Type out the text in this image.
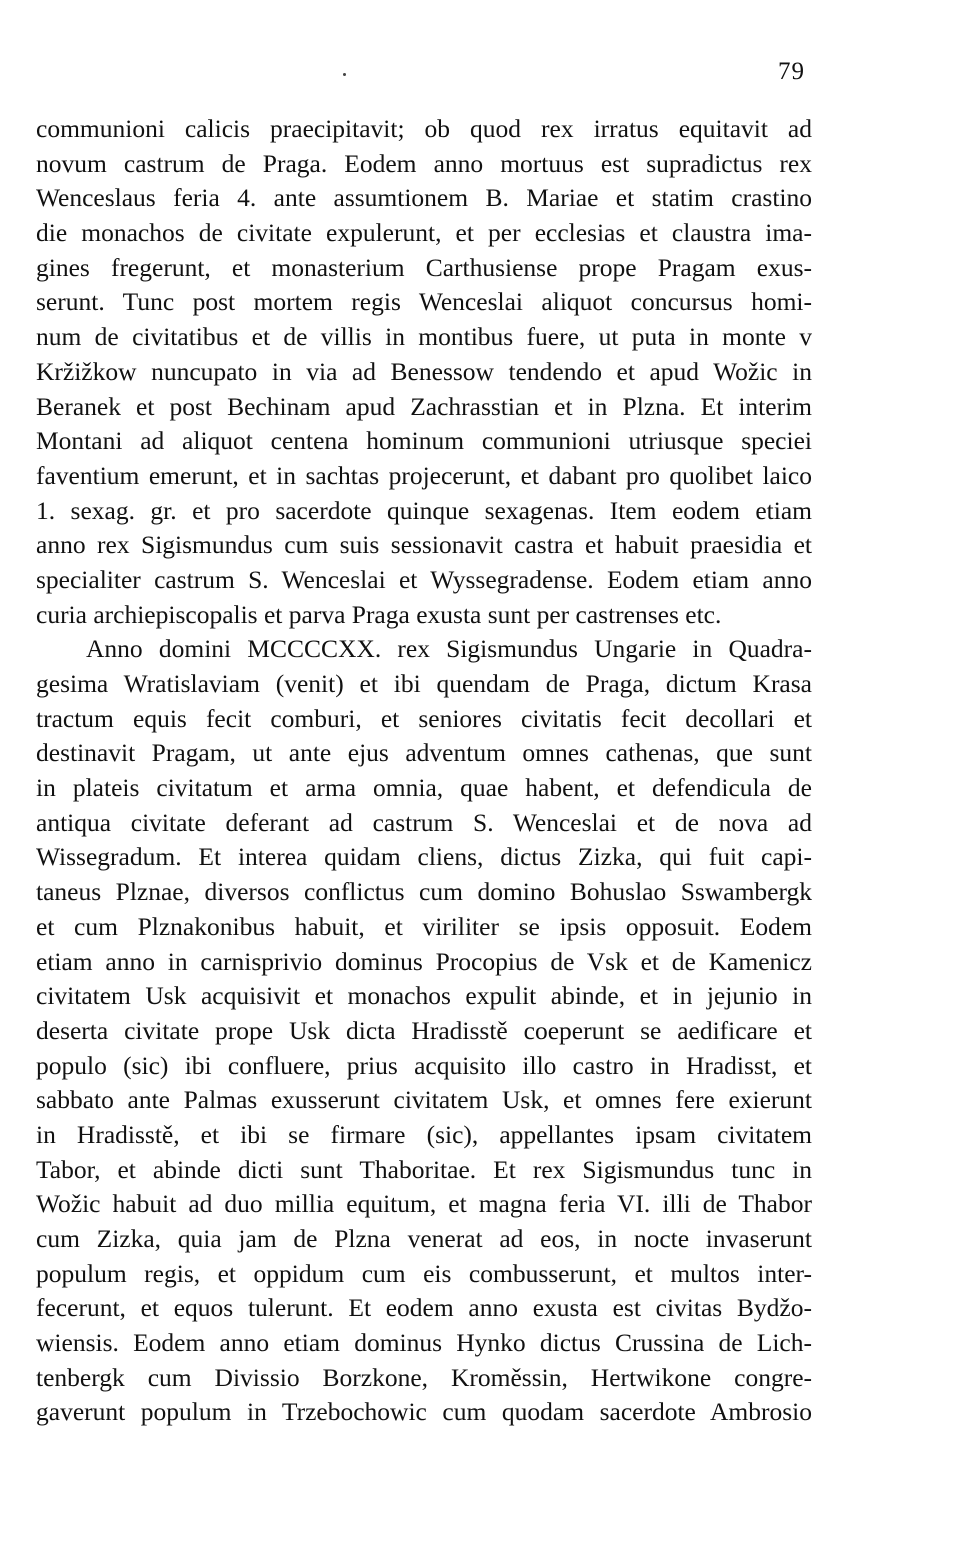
79
communioni calicis praecipitavit; ob quod rex irratus equitavit ad
novum castrum de Praga. Eodem anno mortuus est supradictus rex
Wenceslaus feria 4. ante assumtionem B. Mariae et statim crastino
die monachos de civitate expulerunt, et per ecclesias et claustra ima-
gines fregerunt, et monasterium Carthusiense prope Pragam exus-
serunt. Tunc post mortem regis Wenceslai aliquot concursus homi-
num de civitatibus et de villis in montibus fuere, ut puta in monte v
Kržižkow nuncupato in via ad Benessow tendendo et apud Wožic in
Beranek et post Bechinam apud Zachrasstian et in Plzna. Et interim
Montani ad aliquot centena hominum communioni utriusque speciei
faventium emerunt, et in sachtas projecerunt, et dabant pro quolibet laico
1. sexag. gr. et pro sacerdote quinque sexagenas. Item eodem etiam
anno rex Sigismundus cum suis sessionavit castra et habuit praesidia et
specialiter castrum S. Wenceslai et Wyssegradense. Eodem etiam anno
curia archiepiscopalis et parva Praga exusta sunt per castrenses etc.
Anno domini MCCCCXX. rex Sigismundus Ungarie in Quadra-
gesima Wratislaviam (venit) et ibi quendam de Praga, dictum Krasa
tractum equis fecit comburi, et seniores civitatis fecit decollari et
destinavit Pragam, ut ante ejus adventum omnes cathenas, que sunt
in plateis civitatum et arma omnia, quae habent, et defendicula de
antiqua civitate deferant ad castrum S. Wenceslai et de nova ad
Wissegradum. Et interea quidam cliens, dictus Zizka, qui fuit capi-
taneus Plznae, diversos conflictus cum domino Bohuslao Sswambergk
et cum Plznakonibus habuit, et viriliter se ipsis opposuit. Eodem
etiam anno in carnisprivio dominus Procopius de Vsk et de Kamenicz
civitatem Usk acquisivit et monachos expulit abinde, et in jejunio in
deserta civitate prope Usk dicta Hradisstě coeperunt se aedificare et
populo (sic) ibi confluere, prius acquisito illo castro in Hradisst, et
sabbato ante Palmas exusserunt civitatem Usk, et omnes fere exierunt
in Hradisstě, et ibi se firmare (sic), appellantes ipsam civitatem
Tabor, et abinde dicti sunt Thaboritae. Et rex Sigismundus tunc in
Wožic habuit ad duo millia equitum, et magna feria VI. illi de Thabor
cum Zizka, quia jam de Plzna venerat ad eos, in nocte invaserunt
populum regis, et oppidum cum eis combusserunt, et multos inter-
fecerunt, et equos tulerunt. Et eodem anno exusta est civitas Bydžo-
wiensis. Eodem anno etiam dominus Hynko dictus Crussina de Lich-
tenbergk cum Divissio Borzkone, Kroměssin, Hertwikone congre-
gaverunt populum in Trzebochowic cum quodam sacerdote Ambrosio
